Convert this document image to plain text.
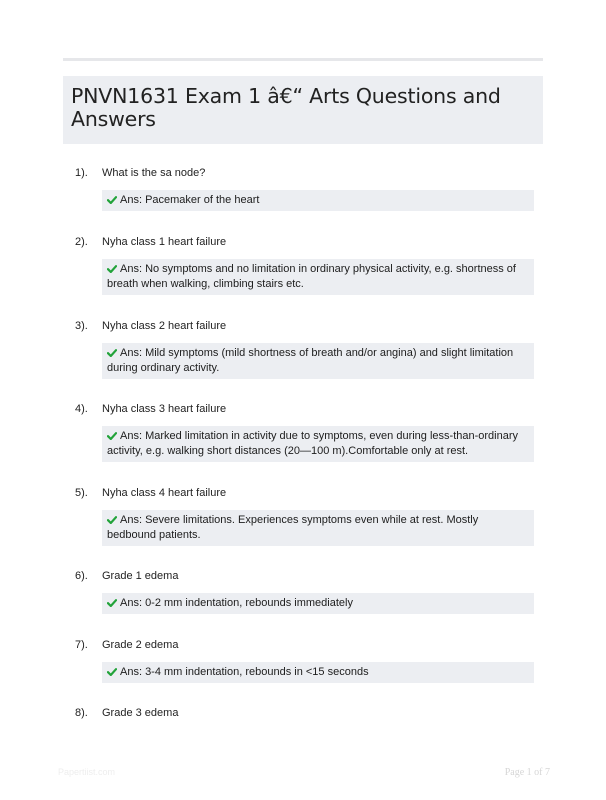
PNVN1631 Exam 1 â€“ Arts Questions and Answers
1).	What is the sa node?
Ans: Pacemaker of the heart
2).	Nyha class 1 heart failure
Ans: No symptoms and no limitation in ordinary physical activity, e.g. shortness of breath when walking, climbing stairs etc.
3).	Nyha class 2 heart failure
Ans: Mild symptoms (mild shortness of breath and/or angina) and slight limitation during ordinary activity.
4).	Nyha class 3 heart failure
Ans: Marked limitation in activity due to symptoms, even during less-than-ordinary activity, e.g. walking short distances (20—100 m).Comfortable only at rest.
5).	Nyha class 4 heart failure
Ans: Severe limitations. Experiences symptoms even while at rest. Mostly bedbound patients.
6).	Grade 1 edema
Ans: 0-2 mm indentation, rebounds immediately
7).	Grade 2 edema
Ans: 3-4 mm indentation, rebounds in <15 seconds
8).	Grade 3 edema
Papertiist.com	Page 1 of 7
